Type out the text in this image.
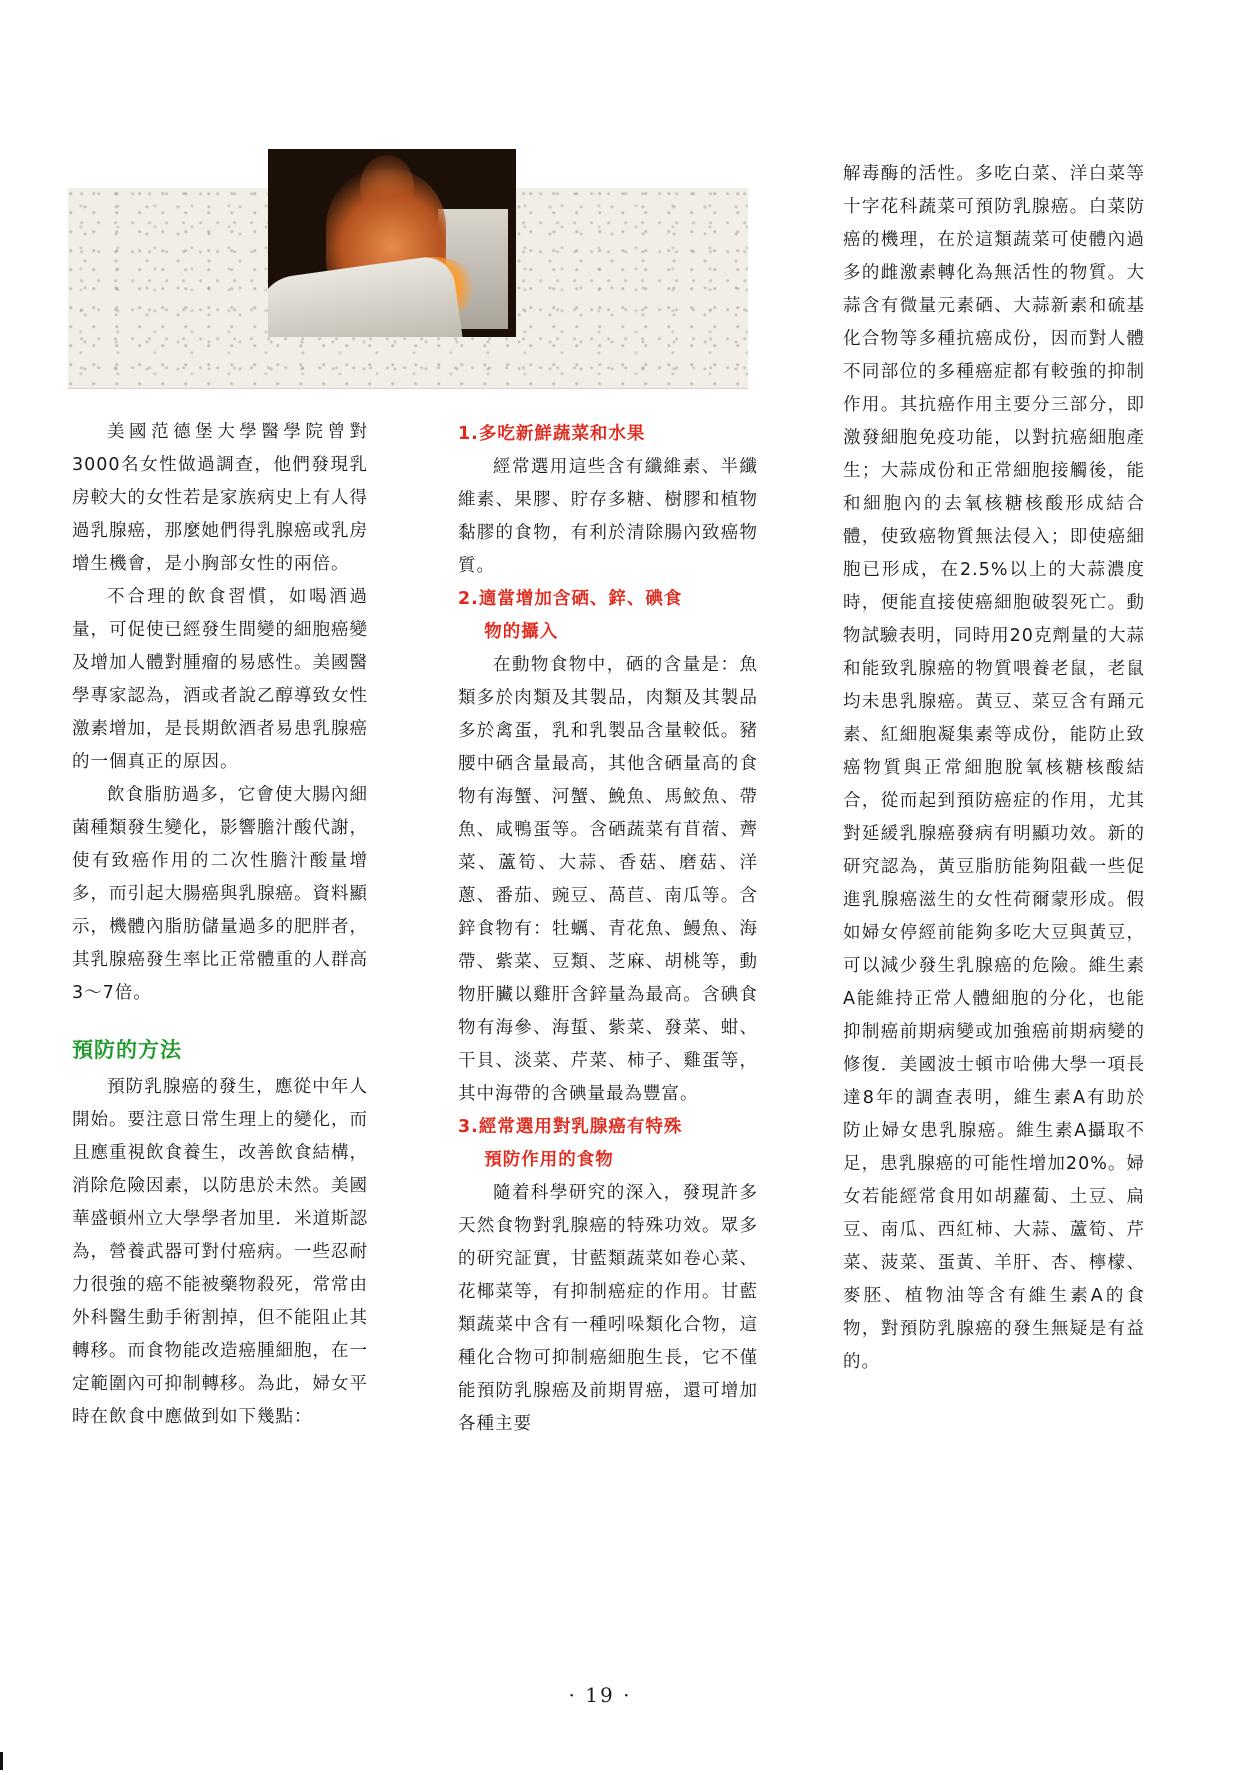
美國范德堡大學醫學院曾對3000名女性做過調查，他們發現乳房較大的女性若是家族病史上有人得過乳腺癌，那麼她們得乳腺癌或乳房增生機會，是小胸部女性的兩倍。

不合理的飲食習慣，如喝酒過量，可促使已經發生間變的細胞癌變及增加人體對腫瘤的易感性。美國醫學專家認為，酒或者說乙醇導致女性激素增加，是長期飲酒者易患乳腺癌的一個真正的原因。

飲食脂肪過多，它會使大腸內細菌種類發生變化，影響膽汁酸代謝，使有致癌作用的二次性膽汁酸量增多，而引起大腸癌與乳腺癌。資料顯示，機體內脂肪儲量過多的肥胖者，其乳腺癌發生率比正常體重的人群高3～7倍。

預防的方法

預防乳腺癌的發生，應從中年人開始。要注意日常生理上的變化，而且應重視飲食養生，改善飲食結構，消除危險因素，以防患於未然。美國華盛頓州立大學學者加里．米道斯認為，營養武器可對付癌病。一些忍耐力很強的癌不能被藥物殺死，常常由外科醫生動手術割掉，但不能阻止其轉移。而食物能改造癌腫細胞，在一定範圍內可抑制轉移。為此，婦女平時在飲食中應做到如下幾點：

1.多吃新鮮蔬菜和水果

經常選用這些含有纖維素、半纖維素、果膠、貯存多糖、樹膠和植物黏膠的食物，有利於清除腸內致癌物質。

2.適當增加含硒、鋅、碘食
物的攝入

在動物食物中，硒的含量是：魚類多於肉類及其製品，肉類及其製品多於禽蛋，乳和乳製品含量較低。豬腰中硒含量最高，其他含硒量高的食物有海蟹、河蟹、鮸魚、馬鮫魚、帶魚、咸鴨蛋等。含硒蔬菜有苜蓿、薺菜、蘆筍、大蒜、香菇、磨菇、洋蔥、番茄、豌豆、萵苣、南瓜等。含鋅食物有：牡蠣、青花魚、鰻魚、海帶、紫菜、豆類、芝麻、胡桃等，動物肝臟以雞肝含鋅量為最高。含碘食物有海參、海蜇、紫菜、發菜、蚶、干貝、淡菜、芹菜、柿子、雞蛋等，其中海帶的含碘量最為豐富。

3.經常選用對乳腺癌有特殊
預防作用的食物

隨着科學研究的深入，發現許多天然食物對乳腺癌的特殊功效。眾多的研究証實，甘藍類蔬菜如卷心菜、花椰菜等，有抑制癌症的作用。甘藍類蔬菜中含有一種吲哚類化合物，這種化合物可抑制癌細胞生長，它不僅能預防乳腺癌及前期胃癌，還可增加各種主要

解毒酶的活性。多吃白菜、洋白菜等十字花科蔬菜可預防乳腺癌。白菜防癌的機理，在於這類蔬菜可使體內過多的雌激素轉化為無活性的物質。大蒜含有微量元素硒、大蒜新素和硫基化合物等多種抗癌成份，因而對人體不同部位的多種癌症都有較強的抑制作用。其抗癌作用主要分三部分，即激發細胞免疫功能，以對抗癌細胞產生；大蒜成份和正常細胞接觸後，能和細胞內的去氧核糖核酸形成結合體，使致癌物質無法侵入；即使癌細胞已形成，在2.5%以上的大蒜濃度時，便能直接使癌細胞破裂死亡。動物試驗表明，同時用20克劑量的大蒜和能致乳腺癌的物質喂養老鼠，老鼠均未患乳腺癌。黃豆、菜豆含有踊元素、紅細胞凝集素等成份，能防止致癌物質與正常細胞脫氧核糖核酸結合，從而起到預防癌症的作用，尤其對延緩乳腺癌發病有明顯功效。新的研究認為，黃豆脂肪能夠阻截一些促進乳腺癌滋生的女性荷爾蒙形成。假如婦女停經前能夠多吃大豆與黃豆，可以減少發生乳腺癌的危險。維生素A能維持正常人體細胞的分化，也能抑制癌前期病變或加強癌前期病變的修復．美國波士頓市哈佛大學一項長達8年的調查表明，維生素A有助於防止婦女患乳腺癌。維生素A攝取不足，患乳腺癌的可能性增加20%。婦女若能經常食用如胡蘿蔔、土豆、扁豆、南瓜、西紅柿、大蒜、蘆筍、芹菜、菠菜、蛋黃、羊肝、杏、檸檬、麥胚、植物油等含有維生素A的食物，對預防乳腺癌的發生無疑是有益的。

· 19 ·
